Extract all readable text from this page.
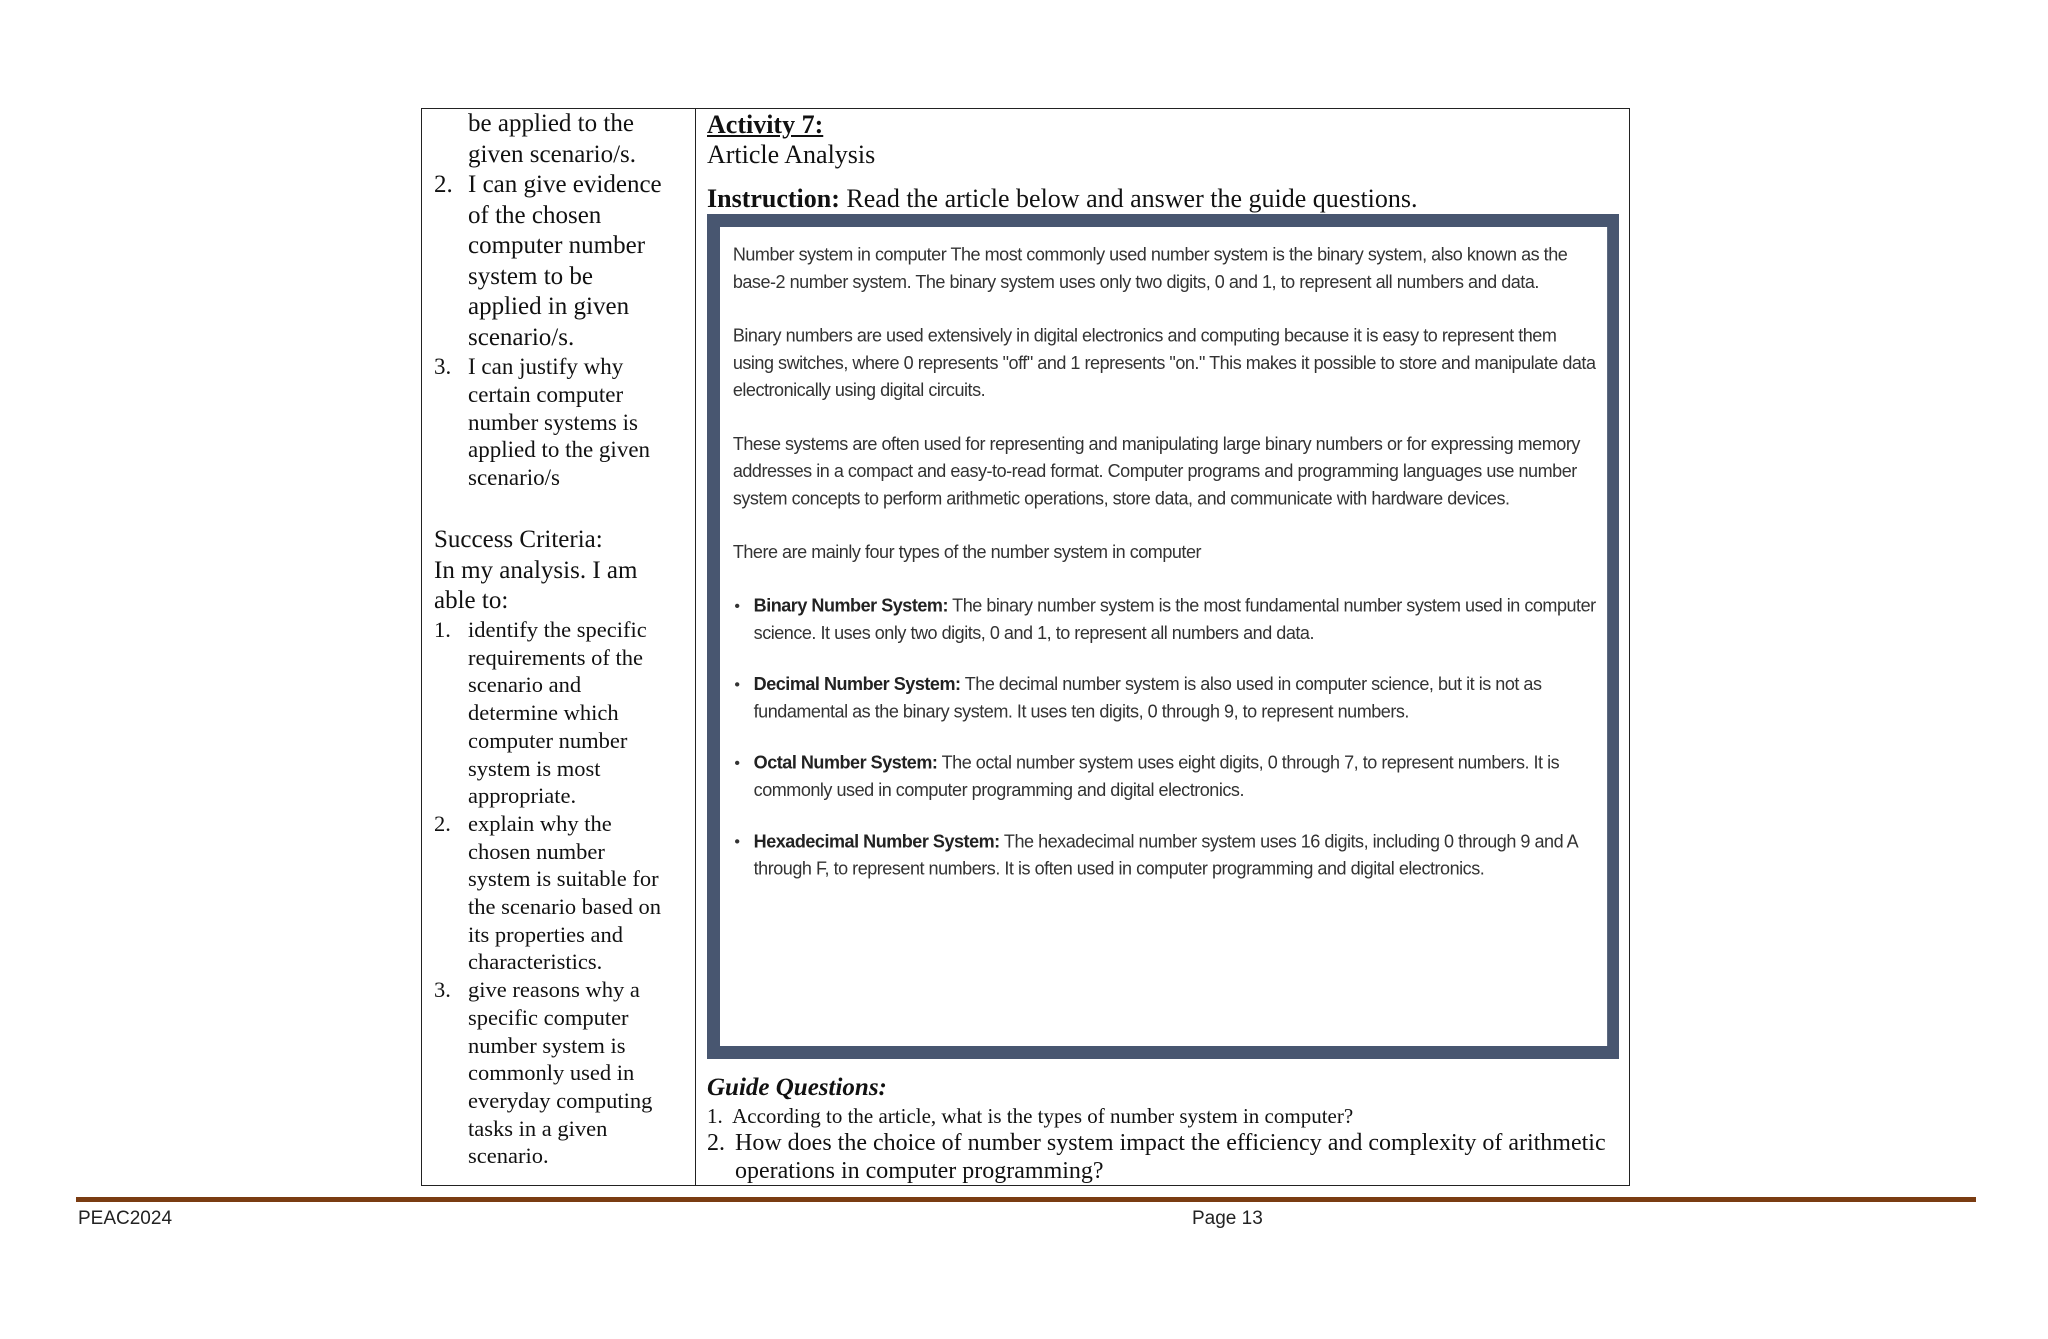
be applied to the
given scenario/s.
2. I can give evidence
of the chosen
computer number
system to be
applied in given
scenario/s.
3. I can justify why
certain computer
number systems is
applied to the given
scenario/s
Success Criteria:
In my analysis. I am
able to:
1. identify the specific
requirements of the
scenario and
determine which
computer number
system is most
appropriate.
2. explain why the
chosen number
system is suitable for
the scenario based on
its properties and
characteristics.
3. give reasons why a
specific computer
number system is
commonly used in
everyday computing
tasks in a given
scenario.
Activity 7:
Article Analysis
Instruction: Read the article below and answer the guide questions.

Number system in computer The most commonly used number system is the binary system, also known as the base-2 number system. The binary system uses only two digits, 0 and 1, to represent all numbers and data.

Binary numbers are used extensively in digital electronics and computing because it is easy to represent them using switches, where 0 represents "off" and 1 represents "on." This makes it possible to store and manipulate data electronically using digital circuits.

These systems are often used for representing and manipulating large binary numbers or for expressing memory addresses in a compact and easy-to-read format. Computer programs and programming languages use number system concepts to perform arithmetic operations, store data, and communicate with hardware devices.

There are mainly four types of the number system in computer

• Binary Number System: The binary number system is the most fundamental number system used in computer science. It uses only two digits, 0 and 1, to represent all numbers and data.
• Decimal Number System: The decimal number system is also used in computer science, but it is not as fundamental as the binary system. It uses ten digits, 0 through 9, to represent numbers.
• Octal Number System: The octal number system uses eight digits, 0 through 7, to represent numbers. It is commonly used in computer programming and digital electronics.
• Hexadecimal Number System: The hexadecimal number system uses 16 digits, including 0 through 9 and A through F, to represent numbers. It is often used in computer programming and digital electronics.
Guide Questions:
1. According to the article, what is the types of number system in computer?
2. How does the choice of number system impact the efficiency and complexity of arithmetic operations in computer programming?
PEAC2024	Page 13
